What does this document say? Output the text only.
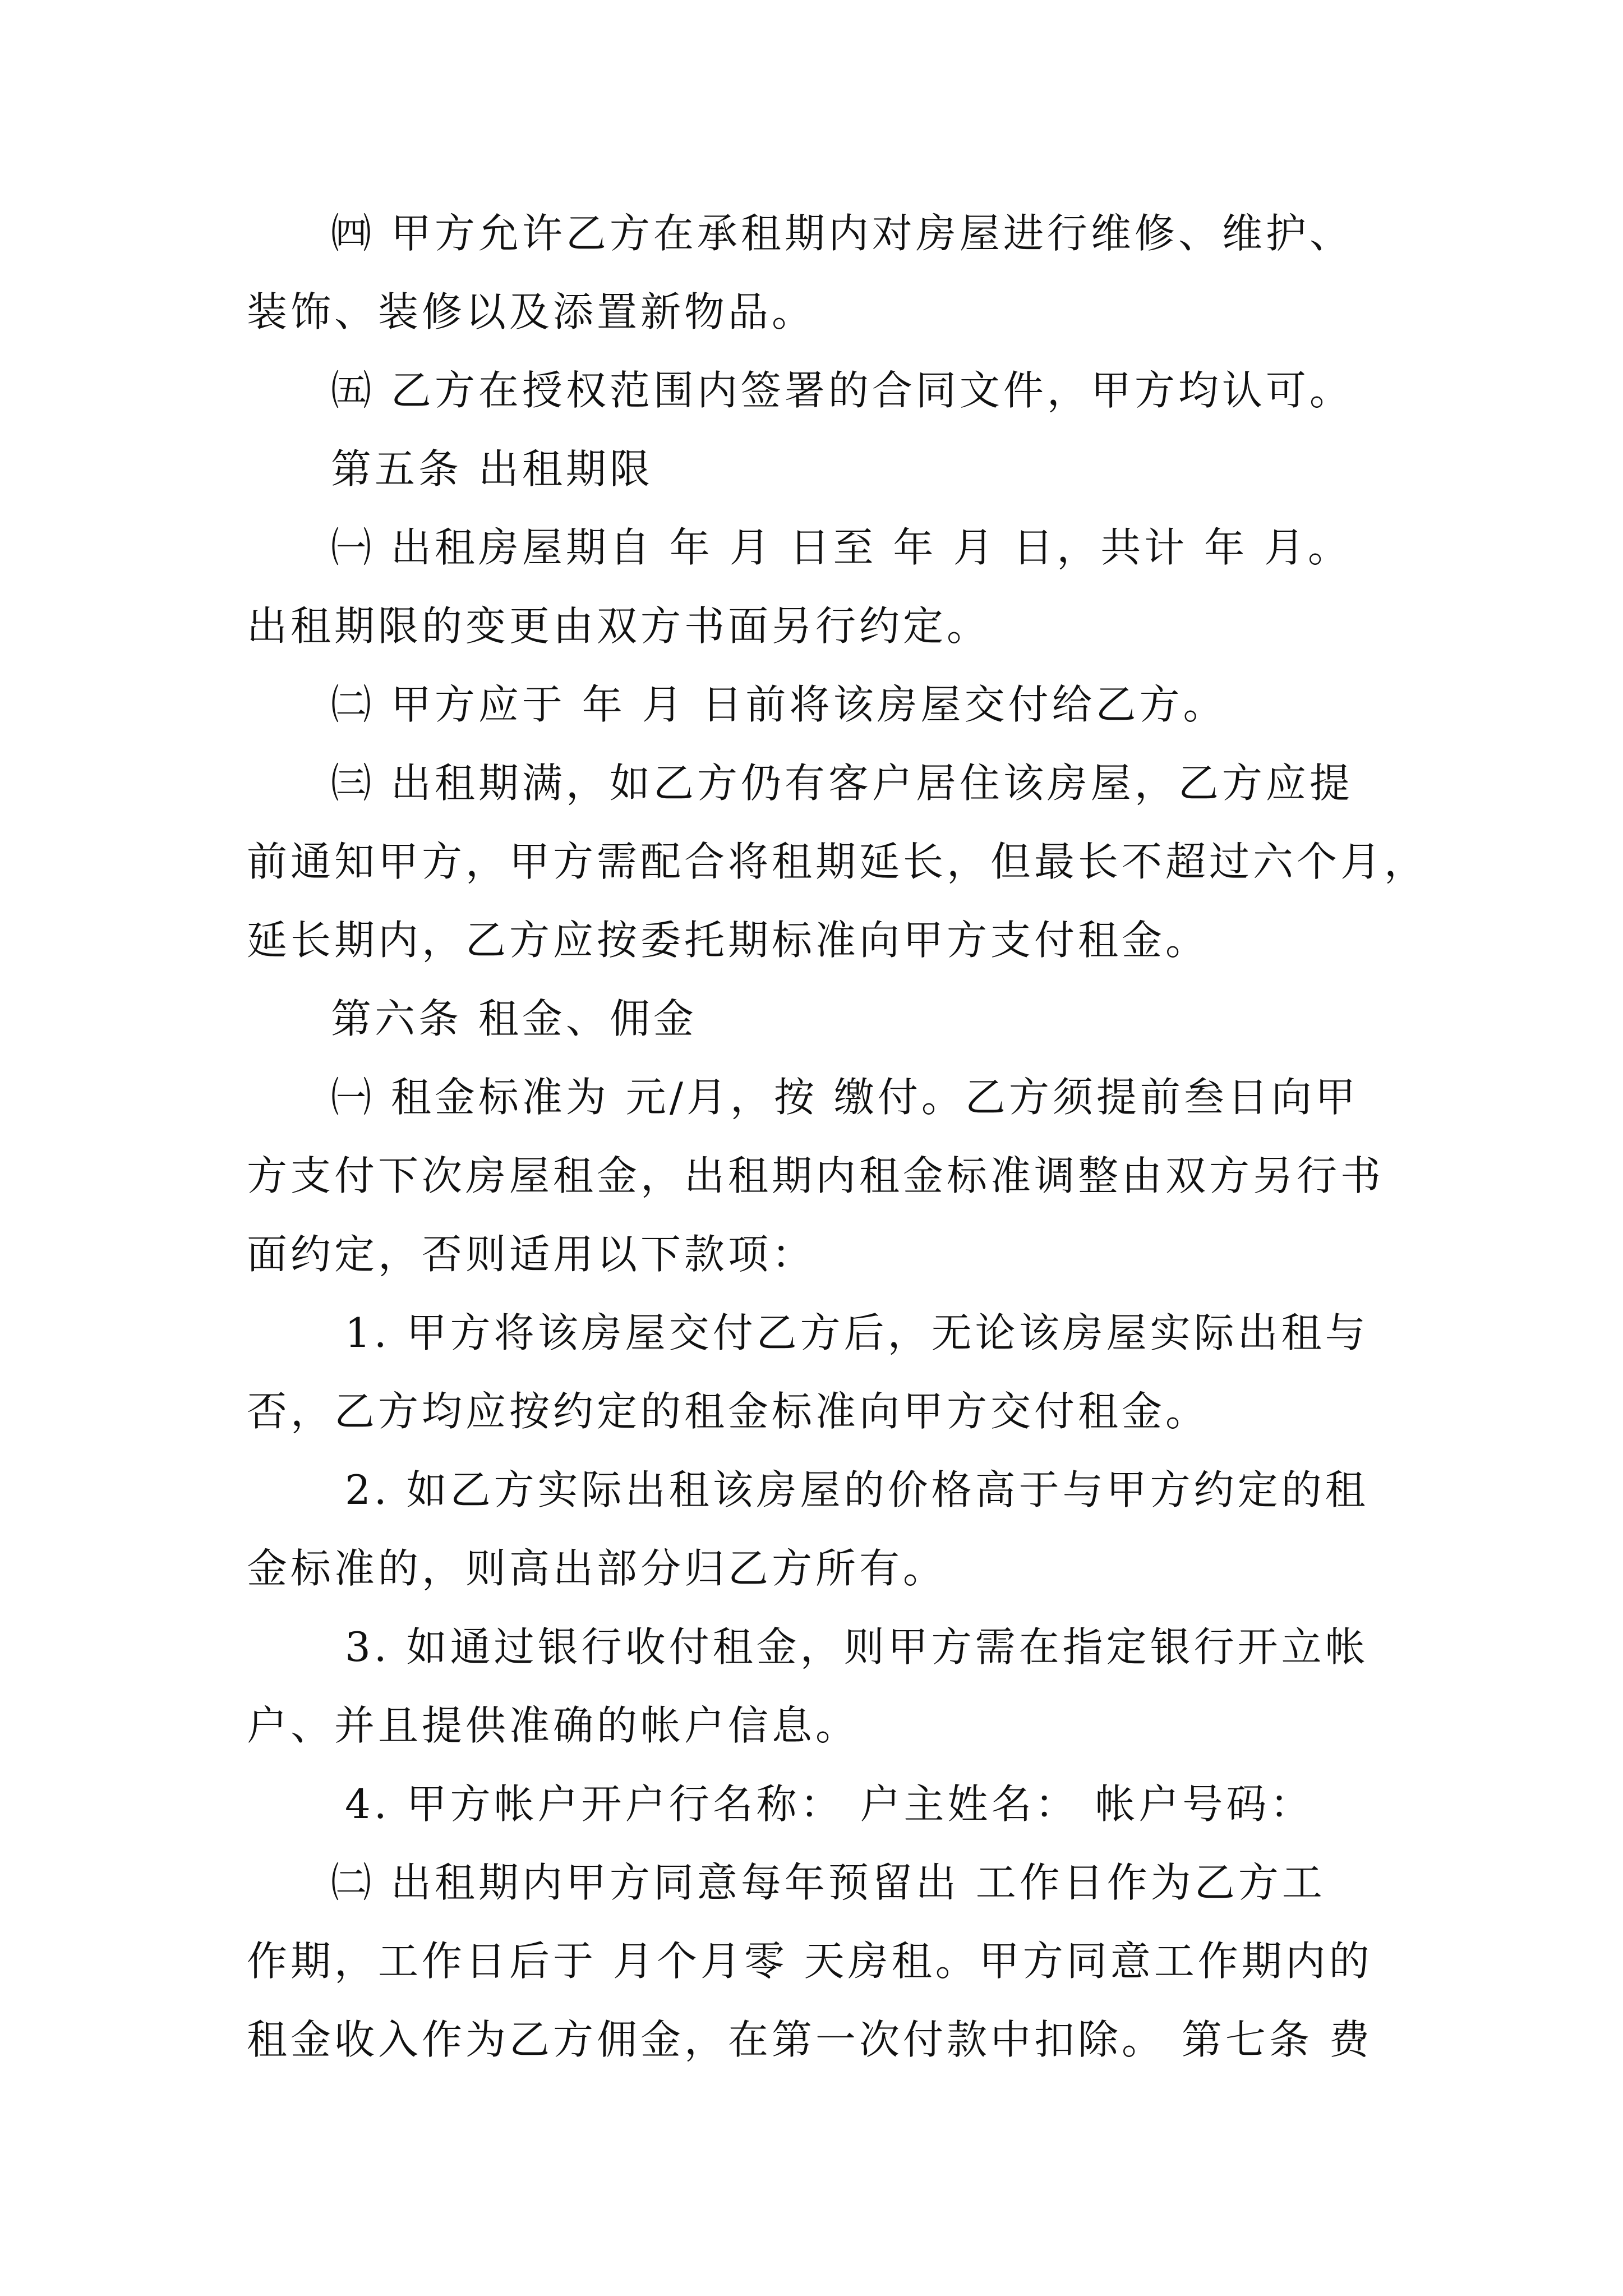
㈣ 甲方允许乙方在承租期内对房屋进行维修、维护、
装饰、装修以及添置新物品。
㈤ 乙方在授权范围内签署的合同文件，甲方均认可。
第五条 出租期限
㈠ 出租房屋期自 年 月 日至 年 月 日，共计 年 月。
出租期限的变更由双方书面另行约定。
㈡ 甲方应于 年 月 日前将该房屋交付给乙方。
㈢ 出租期满，如乙方仍有客户居住该房屋，乙方应提
前通知甲方，甲方需配合将租期延长，但最长不超过六个月，
延长期内，乙方应按委托期标准向甲方支付租金。
第六条 租金、佣金
㈠ 租金标准为 元/月，按 缴付。乙方须提前叁日向甲
方支付下次房屋租金，出租期内租金标准调整由双方另行书
面约定，否则适用以下款项：
1. 甲方将该房屋交付乙方后，无论该房屋实际出租与
否，乙方均应按约定的租金标准向甲方交付租金。
2. 如乙方实际出租该房屋的价格高于与甲方约定的租
金标准的，则高出部分归乙方所有。
3. 如通过银行收付租金，则甲方需在指定银行开立帐
户、并且提供准确的帐户信息。
4. 甲方帐户开户行名称： 户主姓名： 帐户号码：
㈡ 出租期内甲方同意每年预留出 工作日作为乙方工
作期，工作日后于 月个月零 天房租。甲方同意工作期内的
租金收入作为乙方佣金，在第一次付款中扣除。 第七条 费
